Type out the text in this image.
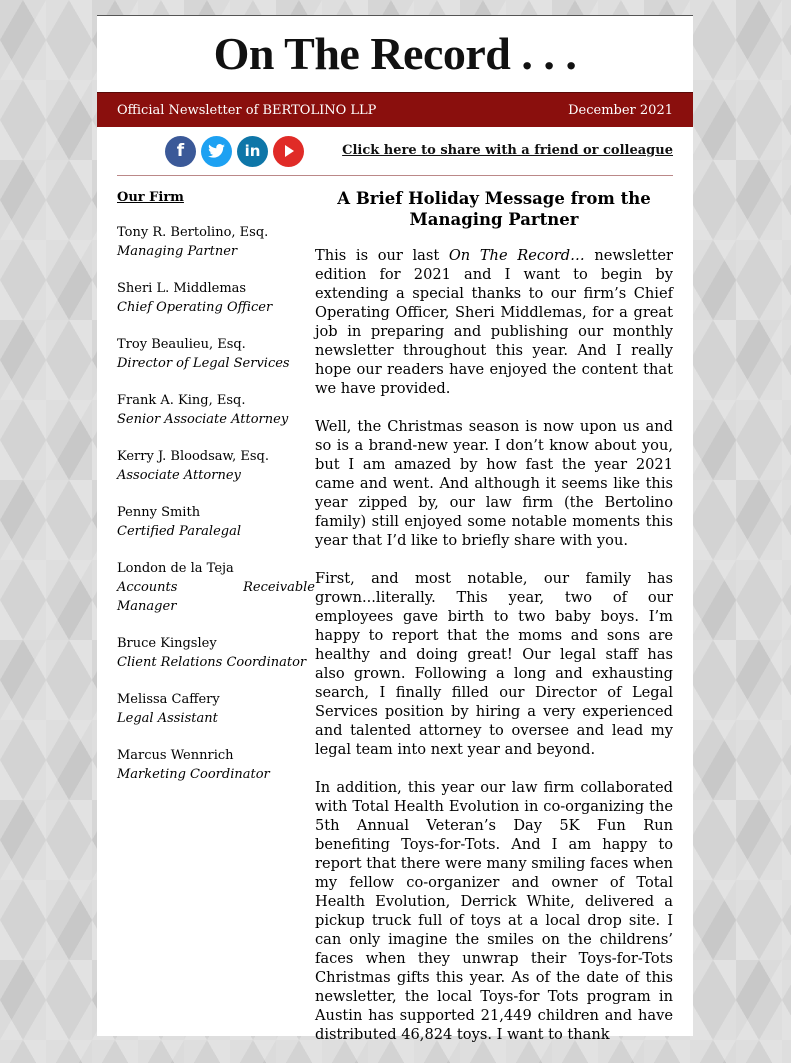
On The Record . . .
Official Newsletter of BERTOLINO LLP	December 2021
f	in	Click here to share with a friend or colleague
Our Firm
Tony R. Bertolino, Esq.
Managing Partner
Sheri L. Middlemas
Chief Operating Officer
Troy Beaulieu, Esq.
Director of Legal Services
Frank A. King, Esq.
Senior Associate Attorney
Kerry J. Bloodsaw, Esq.
Associate Attorney
Penny Smith
Certified Paralegal
London de la Teja
Accounts Receivable Manager
Bruce Kingsley
Client Relations Coordinator
Melissa Caffery
Legal Assistant
Marcus Wennrich
Marketing Coordinator
A Brief Holiday Message from the Managing Partner

This is our last On The Record… newsletter edition for 2021 and I want to begin by extending a special thanks to our firm’s Chief Operating Officer, Sheri Middlemas, for a great job in preparing and publishing our monthly newsletter throughout this year. And I really hope our readers have enjoyed the content that we have provided.

Well, the Christmas season is now upon us and so is a brand-new year. I don’t know about you, but I am amazed by how fast the year 2021 came and went. And although it seems like this year zipped by, our law firm (the Bertolino family) still enjoyed some notable moments this year that I’d like to briefly share with you.

First, and most notable, our family has grown...literally. This year, two of our employees gave birth to two baby boys. I’m happy to report that the moms and sons are healthy and doing great! Our legal staff has also grown. Following a long and exhausting search, I finally filled our Director of Legal Services position by hiring a very experienced and talented attorney to oversee and lead my legal team into next year and beyond.

In addition, this year our law firm collaborated with Total Health Evolution in co-organizing the 5th Annual Veteran’s Day 5K Fun Run benefiting Toys-for-Tots. And I am happy to report that there were many smiling faces when my fellow co-organizer and owner of Total Health Evolution, Derrick White, delivered a pickup truck full of toys at a local drop site. I can only imagine the smiles on the childrens’ faces when they unwrap their Toys-for-Tots Christmas gifts this year. As of the date of this newsletter, the local Toys-for Tots program in Austin has supported 21,449 children and have distributed 46,824 toys. I want to thank
